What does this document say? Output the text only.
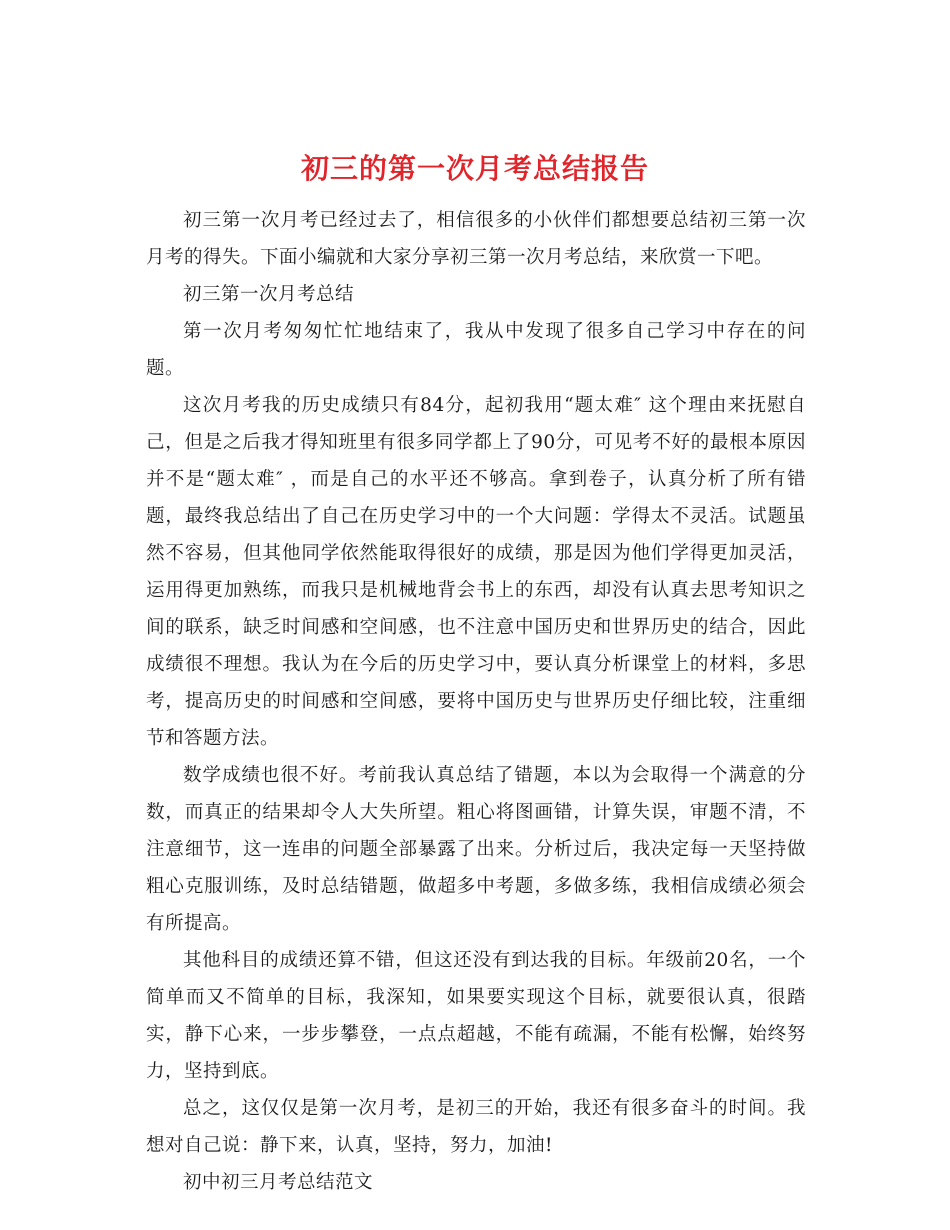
初三的第一次月考总结报告

初三第一次月考已经过去了，相信很多的小伙伴们都想要总结初三第一次月考的得失。下面小编就和大家分享初三第一次月考总结，来欣赏一下吧。

初三第一次月考总结

第一次月考匆匆忙忙地结束了，我从中发现了很多自己学习中存在的问题。

这次月考我的历史成绩只有84分，起初我用“题太难″ 这个理由来抚慰自己，但是之后我才得知班里有很多同学都上了90分，可见考不好的最根本原因并不是“题太难″ ，而是自己的水平还不够高。拿到卷子，认真分析了所有错题，最终我总结出了自己在历史学习中的一个大问题：学得太不灵活。试题虽然不容易，但其他同学依然能取得很好的成绩，那是因为他们学得更加灵活，运用得更加熟练，而我只是机械地背会书上的东西，却没有认真去思考知识之间的联系，缺乏时间感和空间感，也不注意中国历史和世界历史的结合，因此成绩很不理想。我认为在今后的历史学习中，要认真分析课堂上的材料，多思考，提高历史的时间感和空间感，要将中国历史与世界历史仔细比较，注重细节和答题方法。

数学成绩也很不好。考前我认真总结了错题，本以为会取得一个满意的分数，而真正的结果却令人大失所望。粗心将图画错，计算失误，审题不清，不注意细节，这一连串的问题全部暴露了出来。分析过后，我决定每一天坚持做粗心克服训练，及时总结错题，做超多中考题，多做多练，我相信成绩必须会有所提高。

其他科目的成绩还算不错，但这还没有到达我的目标。年级前20名，一个简单而又不简单的目标，我深知，如果要实现这个目标，就要很认真，很踏实，静下心来，一步步攀登，一点点超越，不能有疏漏，不能有松懈，始终努力，坚持到底。

总之，这仅仅是第一次月考，是初三的开始，我还有很多奋斗的时间。我想对自己说：静下来，认真，坚持，努力，加油!

初中初三月考总结范文
